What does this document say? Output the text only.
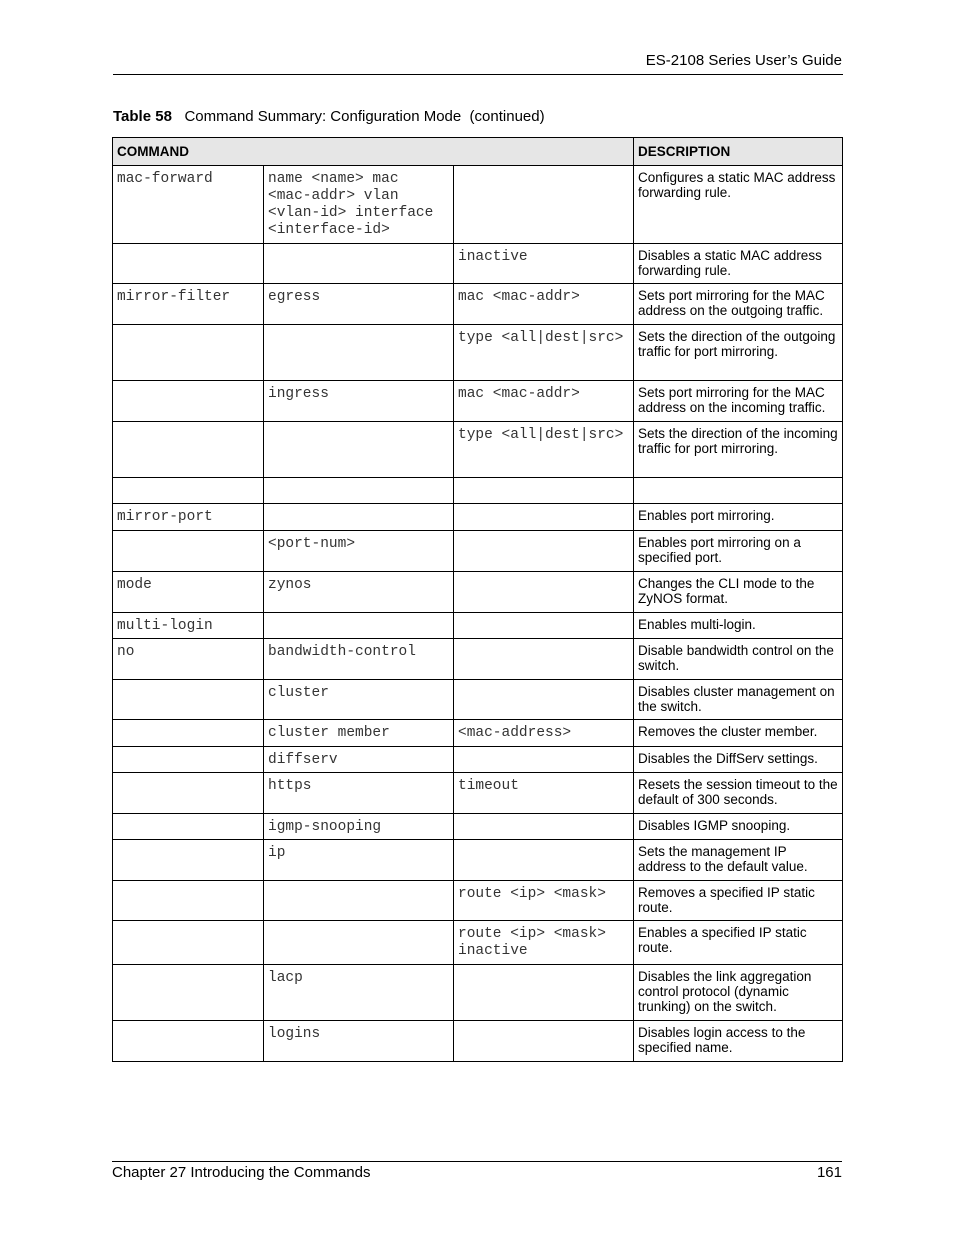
ES-2108 Series User’s Guide
Table 58 Command Summary: Configuration Mode  (continued)
COMMAND			DESCRIPTION
mac-forward	name <name> mac <mac-addr> vlan <vlan-id> interface <interface-id>		Configures a static MAC address forwarding rule.
		inactive	Disables a static MAC address forwarding rule.
mirror-filter	egress	mac <mac-addr>	Sets port mirroring for the MAC address on the outgoing traffic.
		type <all|dest|src>	Sets the direction of the outgoing traffic for port mirroring.
	ingress	mac <mac-addr>	Sets port mirroring for the MAC address on the incoming traffic.
		type <all|dest|src>	Sets the direction of the incoming traffic for port mirroring.

mirror-port			Enables port mirroring.
	<port-num>		Enables port mirroring on a specified port.
mode	zynos		Changes the CLI mode to the ZyNOS format.
multi-login			Enables multi-login.
no	bandwidth-control		Disable bandwidth control on the switch.
	cluster		Disables cluster management on the switch.
	cluster member	<mac-address>	Removes the cluster member.
	diffserv		Disables the DiffServ settings.
	https	timeout	Resets the session timeout to the default of 300 seconds.
	igmp-snooping		Disables IGMP snooping.
	ip		Sets the management IP address to the default value.
		route <ip> <mask>	Removes a specified IP static route.
		route <ip> <mask> inactive	Enables a specified IP static route.
	lacp		Disables the link aggregation control protocol (dynamic trunking) on the switch.
	logins		Disables login access to the specified name.
Chapter 27 Introducing the Commands	161
